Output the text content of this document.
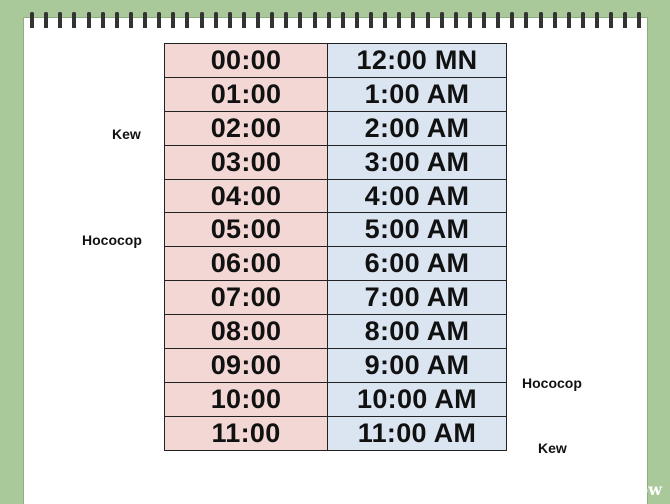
00:00	12:00 MN
01:00	1:00 AM
02:00	2:00 AM
03:00	3:00 AM
04:00	4:00 AM
05:00	5:00 AM
06:00	6:00 AM
07:00	7:00 AM
08:00	8:00 AM
09:00	9:00 AM
10:00	10:00 AM
11:00	11:00 AM
Kew
Hococop
Hococop
Kew
wikiHow
